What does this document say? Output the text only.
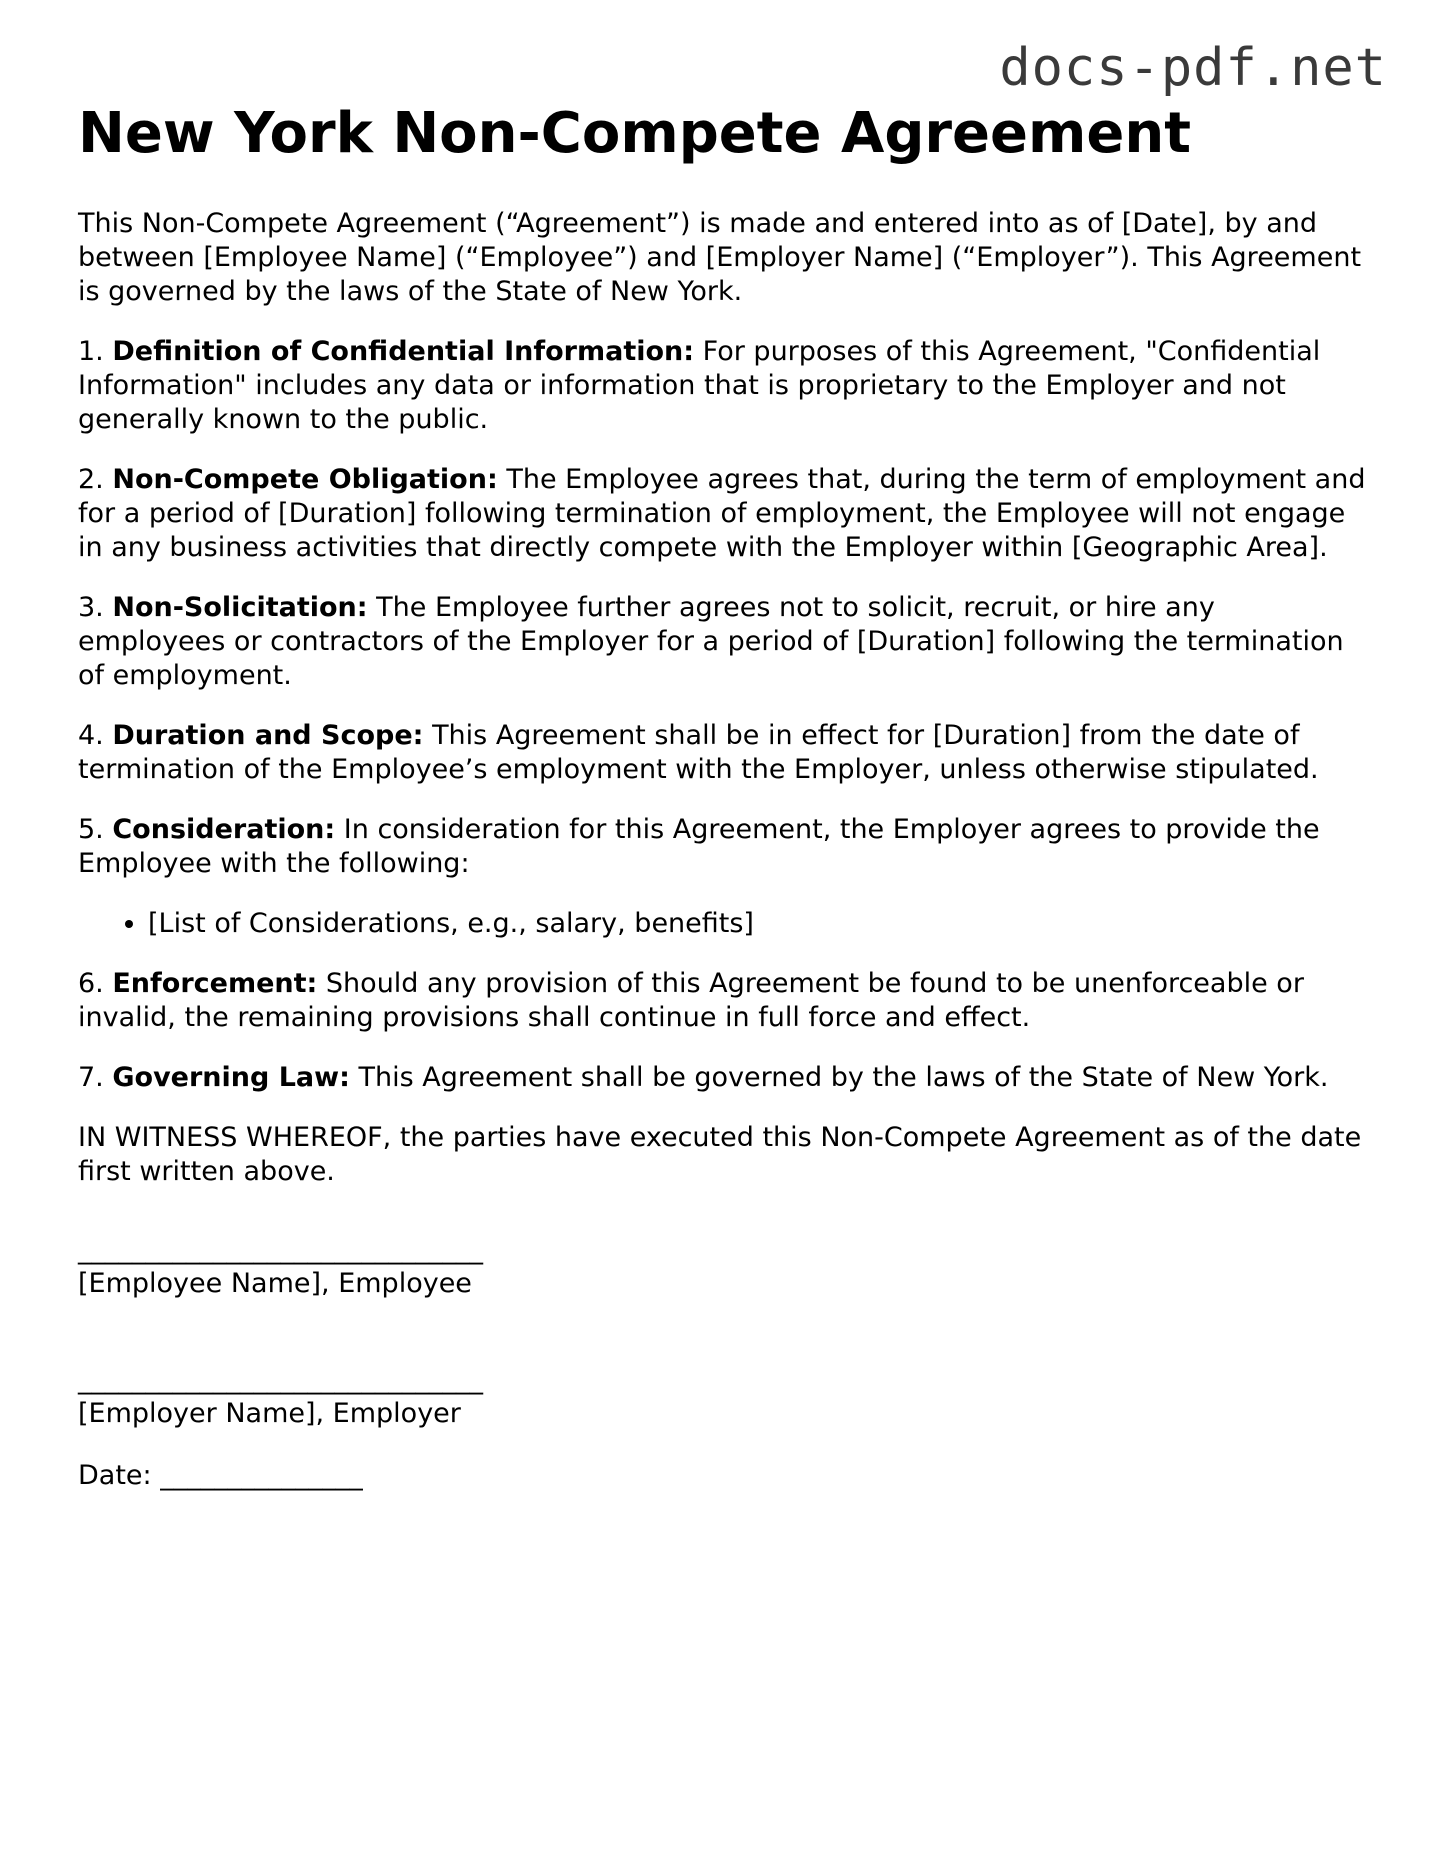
docs-pdf.net
New York Non-Compete Agreement

This Non-Compete Agreement (“Agreement”) is made and entered into as of [Date], by and between [Employee Name] (“Employee”) and [Employer Name] (“Employer”). This Agreement is governed by the laws of the State of New York.

1. Definition of Confidential Information: For purposes of this Agreement, "Confidential Information" includes any data or information that is proprietary to the Employer and not generally known to the public.

2. Non-Compete Obligation: The Employee agrees that, during the term of employment and for a period of [Duration] following termination of employment, the Employee will not engage in any business activities that directly compete with the Employer within [Geographic Area].

3. Non-Solicitation: The Employee further agrees not to solicit, recruit, or hire any employees or contractors of the Employer for a period of [Duration] following the termination of employment.

4. Duration and Scope: This Agreement shall be in effect for [Duration] from the date of termination of the Employee’s employment with the Employer, unless otherwise stipulated.

5. Consideration: In consideration for this Agreement, the Employer agrees to provide the Employee with the following:

• [List of Considerations, e.g., salary, benefits]

6. Enforcement: Should any provision of this Agreement be found to be unenforceable or invalid, the remaining provisions shall continue in full force and effect.

7. Governing Law: This Agreement shall be governed by the laws of the State of New York.

IN WITNESS WHEREOF, the parties have executed this Non-Compete Agreement as of the date first written above.

______________________________
[Employee Name], Employee
______________________________
[Employer Name], Employer
Date: _______________
